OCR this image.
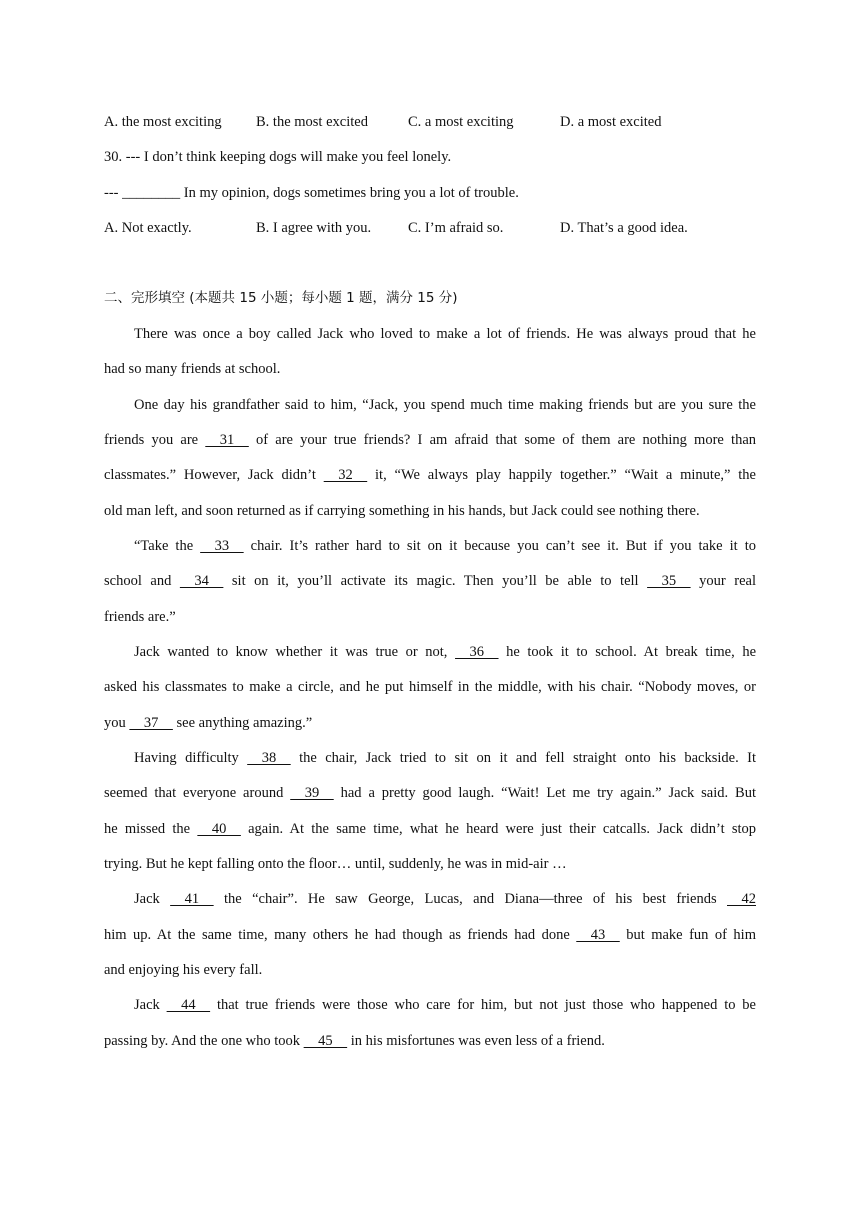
A. the most exciting B. the most excited	C. a most exciting	D. a most excited
30. --- I don’t think keeping dogs will make you feel lonely.
--- ________ In my opinion, dogs sometimes bring you a lot of trouble.
A. Not exactly.	B. I agree with you.	C. I’m afraid so.	D. That’s a good idea.
二、完形填空 (本题共 15 小题；每小题 1 题，满分 15 分)
There was once a boy called Jack who loved to make a lot of friends. He was always proud that he
had so many friends at school.
One day his grandfather said to him, “Jack, you spend much time making friends but are you sure the
friends you are     31     of are your true friends? I am afraid that some of them are nothing more than
classmates.” However, Jack didn’t     32     it, “We always play happily together.” “Wait a minute,” the
old man left, and soon returned as if carrying something in his hands, but Jack could see nothing there.
“Take the     33     chair. It’s rather hard to sit on it because you can’t see it. But if you take it to
school and     34     sit on it, you’ll activate its magic. Then you’ll be able to tell     35     your real
friends are.”
Jack wanted to know whether it was true or not,     36     he took it to school. At break time, he
asked his classmates to make a circle, and he put himself in the middle, with his chair. “Nobody moves, or
you     37     see anything amazing.”
Having difficulty     38     the chair, Jack tried to sit on it and fell straight onto his backside. It
seemed that everyone around     39     had a pretty good laugh. “Wait! Let me try again.” Jack said. But
he missed the     40     again. At the same time, what he heard were just their catcalls. Jack didn’t stop
trying. But he kept falling onto the floor… until, suddenly, he was in mid-air …
Jack     41     the “chair”. He saw George, Lucas, and Diana—three of his best friends     42
him up. At the same time, many others he had though as friends had done     43     but make fun of him
and enjoying his every fall.
Jack     44     that true friends were those who care for him, but not just those who happened to be
passing by. And the one who took     45     in his misfortunes was even less of a friend.
